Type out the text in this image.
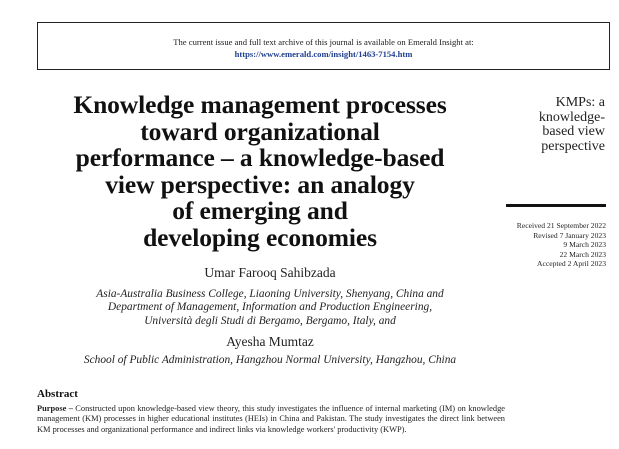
The current issue and full text archive of this journal is available on Emerald Insight at:
https://www.emerald.com/insight/1463-7154.htm
Knowledge management processes
toward organizational
performance – a knowledge-based
view perspective: an analogy
of emerging and
developing economies
KMPs: a
knowledge-
based view
perspective
Received 21 September 2022
Revised 7 January 2023
9 March 2023
22 March 2023
Accepted 2 April 2023
Umar Farooq Sahibzada
Asia-Australia Business College, Liaoning University, Shenyang, China and
Department of Management, Information and Production Engineering,
Università degli Studi di Bergamo, Bergamo, Italy, and
Ayesha Mumtaz
School of Public Administration, Hangzhou Normal University, Hangzhou, China
Abstract

Purpose – Constructed upon knowledge-based view theory, this study investigates the influence of internal marketing (IM) on knowledge management (KM) processes in higher educational institutes (HEIs) in China and Pakistan. The study investigates the direct link between KM processes and organizational performance and indirect links via knowledge workers' productivity (KWP).
